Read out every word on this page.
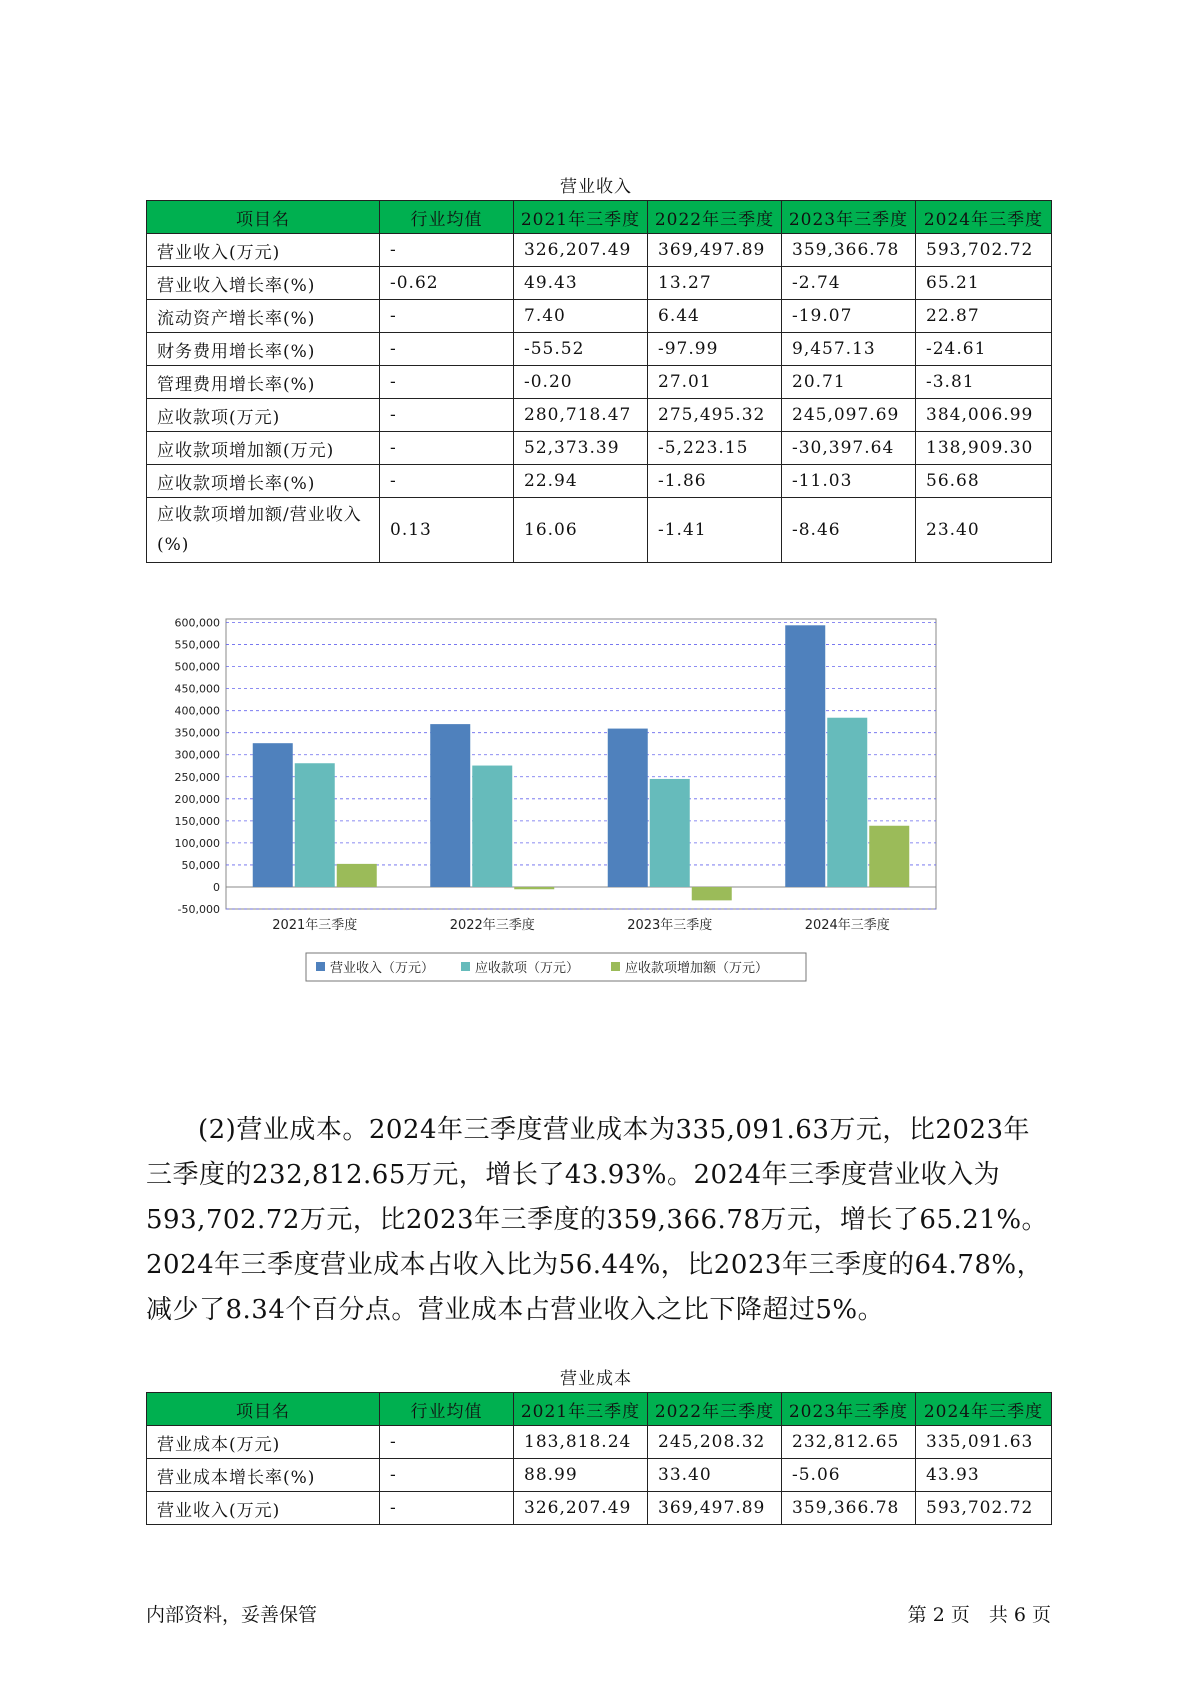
营业收入
项目名	行业均值	2021年三季度	2022年三季度	2023年三季度	2024年三季度
营业收入(万元)	-	326,207.49	369,497.89	359,366.78	593,702.72
营业收入增长率(%)	-0.62	49.43	13.27	-2.74	65.21
流动资产增长率(%)	-	7.40	6.44	-19.07	22.87
财务费用增长率(%)	-	-55.52	-97.99	9,457.13	-24.61
管理费用增长率(%)	-	-0.20	27.01	20.71	-3.81
应收款项(万元)	-	280,718.47	275,495.32	245,097.69	384,006.99
应收款项增加额(万元)	-	52,373.39	-5,223.15	-30,397.64	138,909.30
应收款项增长率(%)	-	22.94	-1.86	-11.03	56.68
应收款项增加额/营业收入(%)	0.13	16.06	-1.41	-8.46	23.40
600,000
550,000
500,000
450,000
400,000
350,000
300,000
250,000
200,000
150,000
100,000
50,000
0
-50,000
2021年三季度	2022年三季度	2023年三季度	2024年三季度
营业收入（万元）	应收款项（万元）	应收款项增加额（万元）
(2)营业成本。2024年三季度营业成本为335,091.63万元，比2023年三季度的232,812.65万元，增长了43.93%。2024年三季度营业收入为593,702.72万元，比2023年三季度的359,366.78万元，增长了65.21%。2024年三季度营业成本占收入比为56.44%，比2023年三季度的64.78%，减少了8.34个百分点。营业成本占营业收入之比下降超过5%。
营业成本
项目名	行业均值	2021年三季度	2022年三季度	2023年三季度	2024年三季度
营业成本(万元)	-	183,818.24	245,208.32	232,812.65	335,091.63
营业成本增长率(%)	-	88.99	33.40	-5.06	43.93
营业收入(万元)	-	326,207.49	369,497.89	359,366.78	593,702.72
内部资料，妥善保管	第 2 页　共 6 页
